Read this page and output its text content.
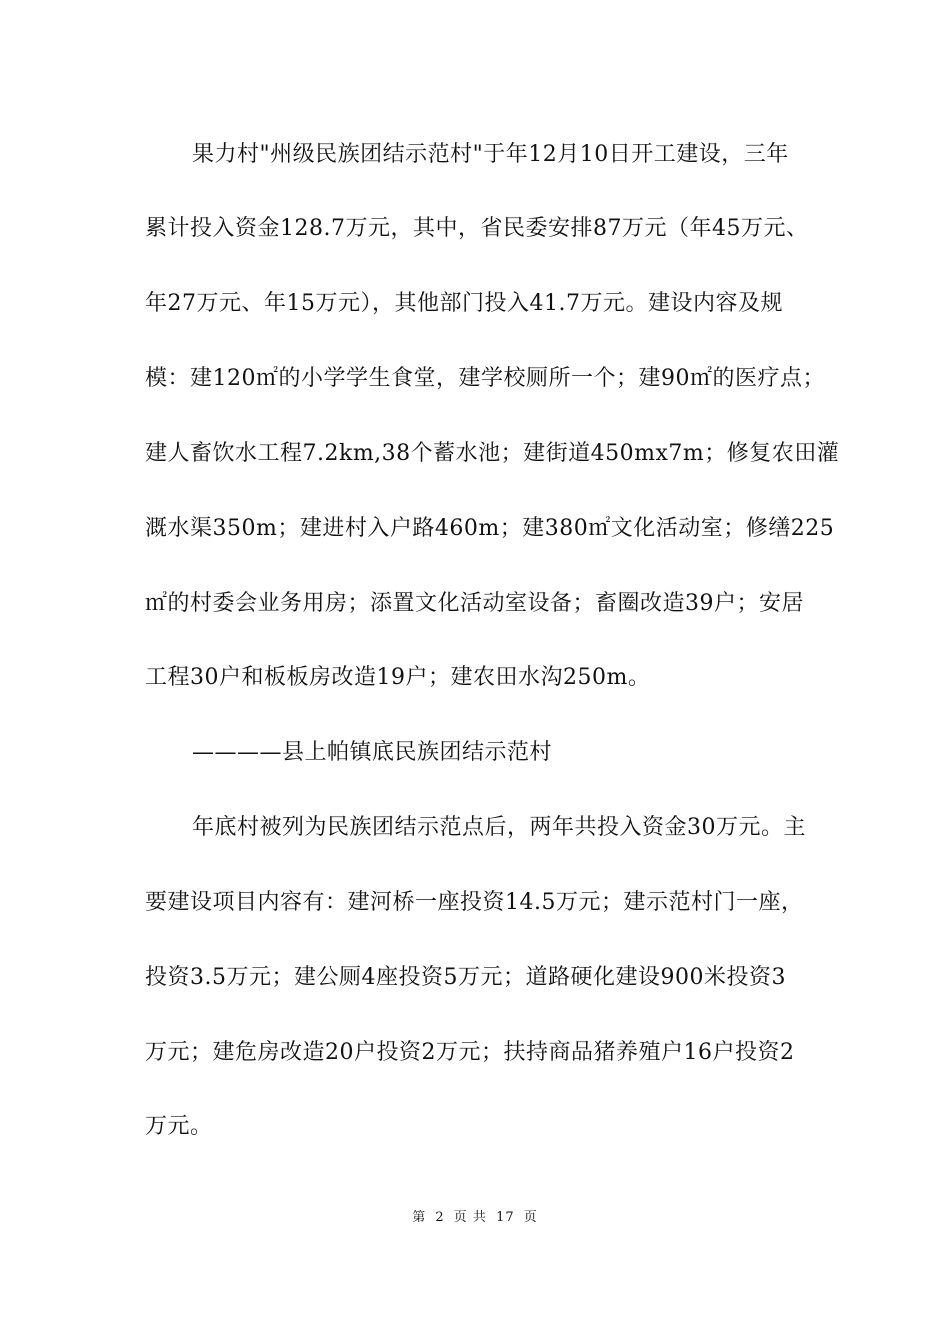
果力村"州级民族团结示范村"于年12月10日开工建设，三年
累计投入资金128.7万元，其中，省民委安排87万元（年45万元、
年27万元、年15万元），其他部门投入41.7万元。建设内容及规
模：建120㎡的小学学生食堂，建学校厕所一个；建90㎡的医疗点；
建人畜饮水工程7.2km,38个蓄水池；建街道450mx7m；修复农田灌
溉水渠350m；建进村入户路460m；建380㎡文化活动室；修缮225
㎡的村委会业务用房；添置文化活动室设备；畜圈改造39户；安居
工程30户和板板房改造19户；建农田水沟250m。
————县上帕镇底民族团结示范村
年底村被列为民族团结示范点后，两年共投入资金30万元。主
要建设项目内容有：建河桥一座投资14.5万元；建示范村门一座，
投资3.5万元；建公厕4座投资5万元；道路硬化建设900米投资3
万元；建危房改造20户投资2万元；扶持商品猪养殖户16户投资2
万元。
第 2 页 共 17 页
